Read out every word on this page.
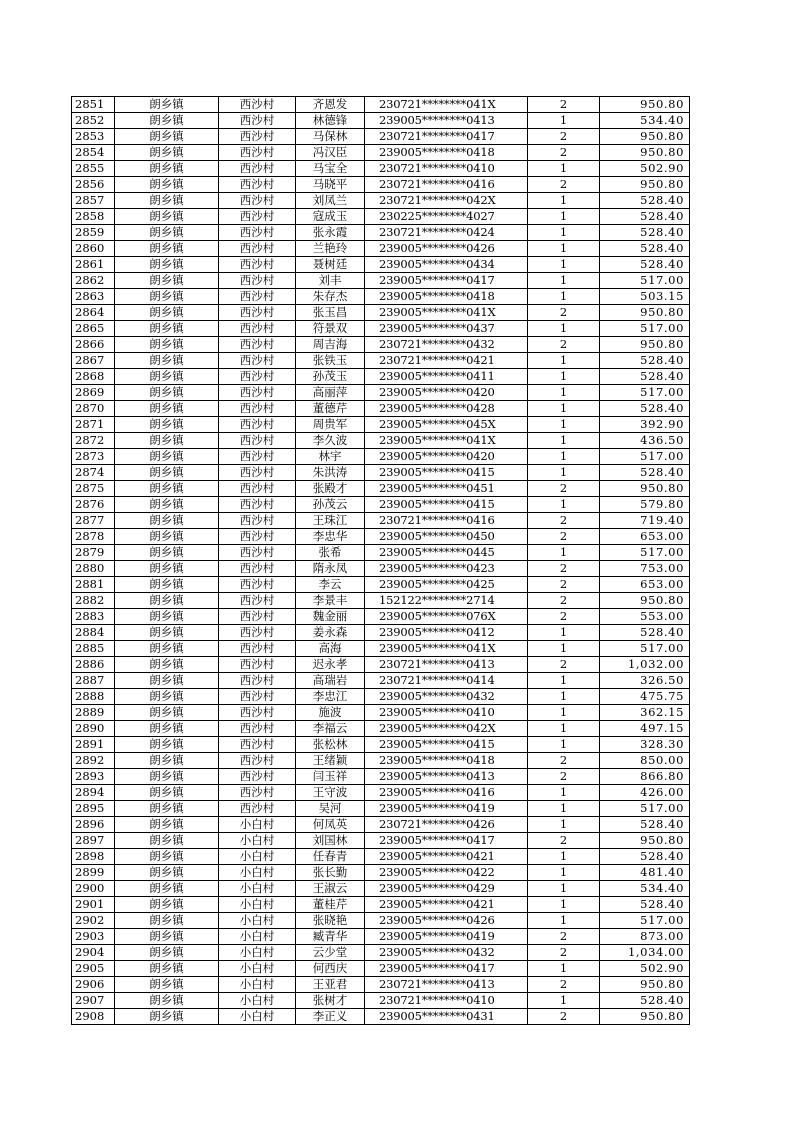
2851	朗乡镇	西沙村	齐恩发	230721********041X	2	950.80
2852	朗乡镇	西沙村	林德锋	239005********0413	1	534.40
2853	朗乡镇	西沙村	马保林	230721********0417	2	950.80
2854	朗乡镇	西沙村	冯汉臣	239005********0418	2	950.80
2855	朗乡镇	西沙村	马宝全	230721********0410	1	502.90
2856	朗乡镇	西沙村	马晓平	230721********0416	2	950.80
2857	朗乡镇	西沙村	刘凤兰	230721********042X	1	528.40
2858	朗乡镇	西沙村	寇成玉	230225********4027	1	528.40
2859	朗乡镇	西沙村	张永霞	230721********0424	1	528.40
2860	朗乡镇	西沙村	兰艳玲	239005********0426	1	528.40
2861	朗乡镇	西沙村	聂树廷	239005********0434	1	528.40
2862	朗乡镇	西沙村	刘丰	239005********0417	1	517.00
2863	朗乡镇	西沙村	朱存杰	239005********0418	1	503.15
2864	朗乡镇	西沙村	张玉昌	239005********041X	2	950.80
2865	朗乡镇	西沙村	符景双	239005********0437	1	517.00
2866	朗乡镇	西沙村	周吉海	230721********0432	2	950.80
2867	朗乡镇	西沙村	张铁玉	230721********0421	1	528.40
2868	朗乡镇	西沙村	孙茂玉	239005********0411	1	528.40
2869	朗乡镇	西沙村	高丽萍	239005********0420	1	517.00
2870	朗乡镇	西沙村	董德芹	239005********0428	1	528.40
2871	朗乡镇	西沙村	周贵军	239005********045X	1	392.90
2872	朗乡镇	西沙村	李久波	239005********041X	1	436.50
2873	朗乡镇	西沙村	林宇	239005********0420	1	517.00
2874	朗乡镇	西沙村	朱洪涛	239005********0415	1	528.40
2875	朗乡镇	西沙村	张殿才	239005********0451	2	950.80
2876	朗乡镇	西沙村	孙茂云	239005********0415	1	579.80
2877	朗乡镇	西沙村	王珠江	230721********0416	2	719.40
2878	朗乡镇	西沙村	李忠华	239005********0450	2	653.00
2879	朗乡镇	西沙村	张希	239005********0445	1	517.00
2880	朗乡镇	西沙村	隋永凤	239005********0423	2	753.00
2881	朗乡镇	西沙村	李云	239005********0425	2	653.00
2882	朗乡镇	西沙村	李景丰	152122********2714	2	950.80
2883	朗乡镇	西沙村	魏金丽	239005********076X	2	553.00
2884	朗乡镇	西沙村	姜永森	239005********0412	1	528.40
2885	朗乡镇	西沙村	高海	239005********041X	1	517.00
2886	朗乡镇	西沙村	迟永孝	230721********0413	2	1,032.00
2887	朗乡镇	西沙村	高瑞岩	230721********0414	1	326.50
2888	朗乡镇	西沙村	李忠江	239005********0432	1	475.75
2889	朗乡镇	西沙村	施波	239005********0410	1	362.15
2890	朗乡镇	西沙村	李福云	239005********042X	1	497.15
2891	朗乡镇	西沙村	张松林	239005********0415	1	328.30
2892	朗乡镇	西沙村	王绪颖	239005********0418	2	850.00
2893	朗乡镇	西沙村	闫玉祥	239005********0413	2	866.80
2894	朗乡镇	西沙村	王守波	239005********0416	1	426.00
2895	朗乡镇	西沙村	吴河	239005********0419	1	517.00
2896	朗乡镇	小白村	何凤英	230721********0426	1	528.40
2897	朗乡镇	小白村	刘国林	239005********0417	2	950.80
2898	朗乡镇	小白村	任春青	239005********0421	1	528.40
2899	朗乡镇	小白村	张长勤	239005********0422	1	481.40
2900	朗乡镇	小白村	王淑云	239005********0429	1	534.40
2901	朗乡镇	小白村	董桂芹	239005********0421	1	528.40
2902	朗乡镇	小白村	张晓艳	239005********0426	1	517.00
2903	朗乡镇	小白村	臧青华	239005********0419	2	873.00
2904	朗乡镇	小白村	云少堂	239005********0432	2	1,034.00
2905	朗乡镇	小白村	何西庆	239005********0417	1	502.90
2906	朗乡镇	小白村	王亚君	230721********0413	2	950.80
2907	朗乡镇	小白村	张树才	230721********0410	1	528.40
2908	朗乡镇	小白村	李正义	239005********0431	2	950.80
